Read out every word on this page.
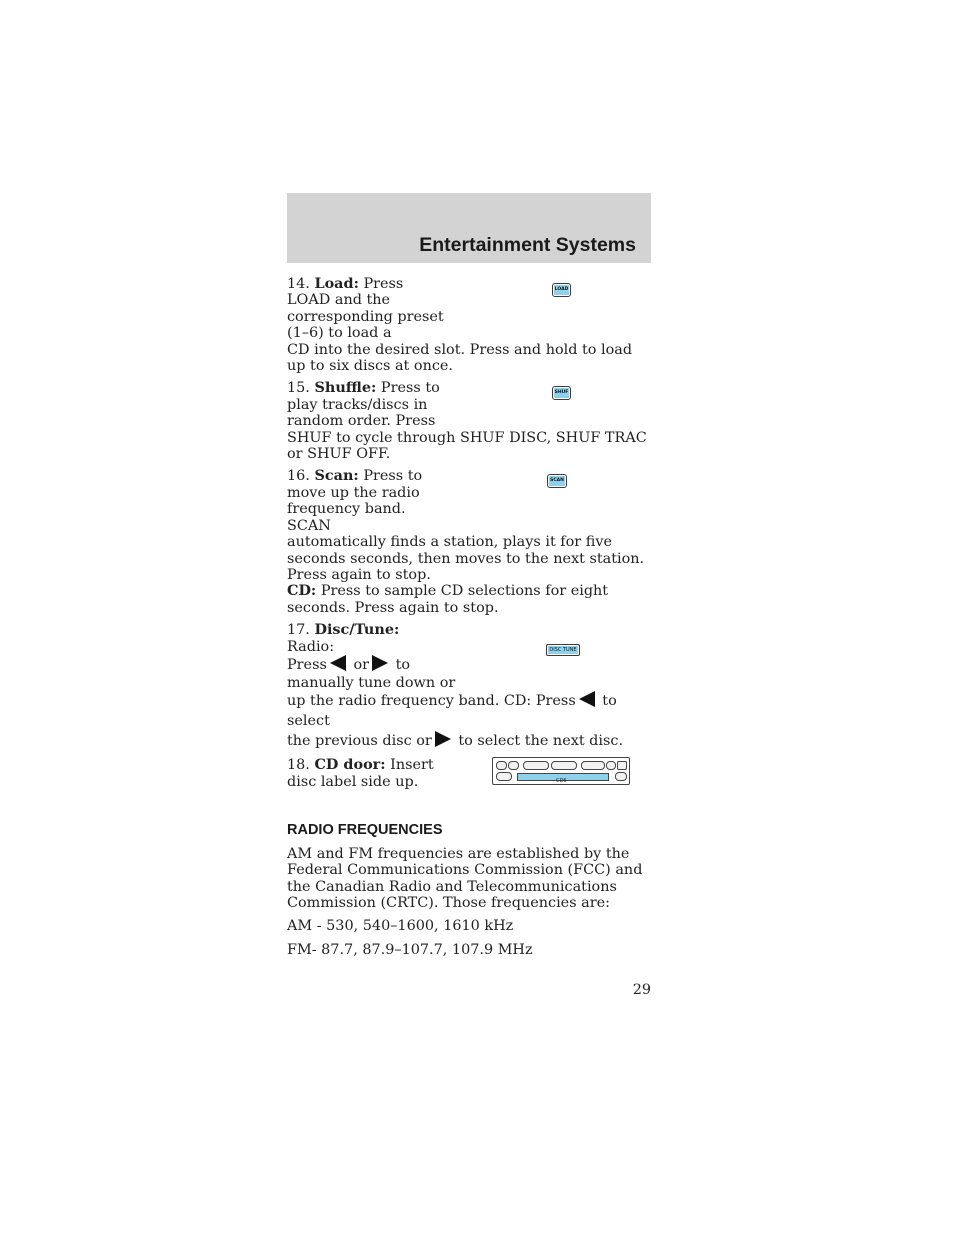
Entertainment Systems
14. Load: Press LOAD and the corresponding preset (1–6) to load a

CD into the desired slot. Press and hold to load up to six discs at once.

LOAD
15. Shuffle: Press to play tracks/discs in random order. Press

SHUF to cycle through SHUF DISC, SHUF TRAC or SHUF OFF.

SHUF
16. Scan: Press to move up the radio frequency band. SCAN

automatically finds a station, plays it for five seconds seconds, then moves to the next station. Press again to stop.

CD: Press to sample CD selections for eight seconds. Press again to stop.

SCAN
17. Disc/Tune: Radio:
Press or to

manually tune down or

up the radio frequency band. CD: Press to select
the previous disc or to select the next disc.
DISC TUNE
18. CD door: Insert disc label side up.	CD6
RADIO FREQUENCIES

AM and FM frequencies are established by the Federal Communications Commission (FCC) and the Canadian Radio and Telecommunications Commission (CRTC). Those frequencies are:

AM - 530, 540–1600, 1610 kHz

FM- 87.7, 87.9–107.7, 107.9 MHz

29
